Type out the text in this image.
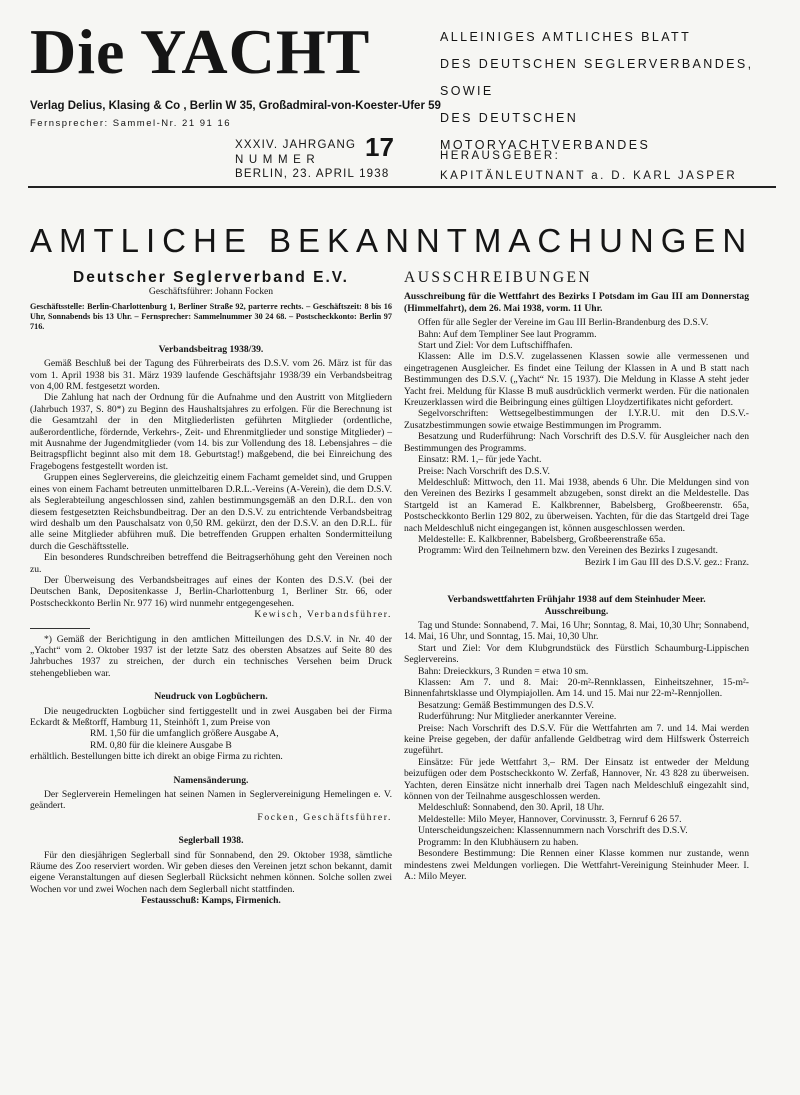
Die YACHT	ALLEINIGES AMTLICHES BLATT
DES DEUTSCHEN SEGLERVERBANDES, SOWIE
DES DEUTSCHEN MOTORYACHTVERBANDES
Verlag Delius, Klasing & Co , Berlin W 35, Großadmiral-von-Koester-Ufer 59
Fernsprecher: Sammel-Nr. 21 91 16
XXXIV. JAHRGANG
N U M M E R
BERLIN, 23. APRIL 1938
17	HERAUSGEBER:
KAPITÄNLEUTNANT a. D. KARL JASPER
AMTLICHE BEKANNTMACHUNGEN
Deutscher Seglerverband E.V.

Geschäftsführer: Johann Focken

Geschäftsstelle: Berlin-Charlottenburg 1, Berliner Straße 92, parterre rechts. – Geschäftszeit: 8 bis 16 Uhr, Sonnabends bis 13 Uhr. – Fernsprecher: Sammelnummer 30 24 68. – Postscheckkonto: Berlin 97 716.

Verbandsbeitrag 1938/39.

Gemäß Beschluß bei der Tagung des Führerbeirats des D.S.V. vom 26. März ist für das vom 1. April 1938 bis 31. März 1939 laufende Geschäftsjahr 1938/39 ein Verbandsbeitrag von 4,00 RM. festgesetzt worden.

Die Zahlung hat nach der Ordnung für die Aufnahme und den Austritt von Mitgliedern (Jahrbuch 1937, S. 80*) zu Beginn des Haushaltsjahres zu erfolgen. Für die Berechnung ist die Gesamtzahl der in den Mitgliederlisten geführten Mitglieder (ordentliche, außerordentliche, fördernde, Verkehrs-, Zeit- und Ehrenmitglieder und sonstige Mitglieder) – mit Ausnahme der Jugendmitglieder (vom 14. bis zur Vollendung des 18. Lebensjahres – die Beitragspflicht beginnt also mit dem 18. Geburtstag!) maßgebend, die bei Einreichung des Fragebogens festgestellt worden ist.

Gruppen eines Seglervereins, die gleichzeitig einem Fachamt gemeldet sind, und Gruppen eines von einem Fachamt betreuten unmittelbaren D.R.L.-Vereins (A-Verein), die dem D.S.V. als Seglerabteilung angeschlossen sind, zahlen bestimmungsgemäß an den D.R.L. den von diesem festgesetzten Reichsbundbeitrag. Der an den D.S.V. zu entrichtende Verbandsbeitrag wird deshalb um den Pauschalsatz von 0,50 RM. gekürzt, den der D.S.V. an den D.R.L. für alle seine Mitglieder abführen muß. Die betreffenden Gruppen erhalten Sondermitteilung durch die Geschäftsstelle.

Ein besonderes Rundschreiben betreffend die Beitragserhöhung geht den Vereinen noch zu.

Der Überweisung des Verbandsbeitrages auf eines der Konten des D.S.V. (bei der Deutschen Bank, Depositenkasse J, Berlin-Charlottenburg 1, Berliner Str. 66, oder Postscheckkonto Berlin Nr. 977 16) wird nunmehr entgegengesehen.

Kewisch, Verbandsführer.

*) Gemäß der Berichtigung in den amtlichen Mitteilungen des D.S.V. in Nr. 40 der „Yacht“ vom 2. Oktober 1937 ist der letzte Satz des obersten Absatzes auf Seite 80 des Jahrbuches 1937 zu streichen, der durch ein technisches Versehen beim Druck stehengeblieben war.

Neudruck von Logbüchern.

Die neugedruckten Logbücher sind fertiggestellt und in zwei Ausgaben bei der Firma Eckardt & Meßtorff, Hamburg 11, Steinhöft 1, zum Preise von

RM. 1,50 für die umfanglich größere Ausgabe A,

RM. 0,80 für die kleinere Ausgabe B

erhältlich. Bestellungen bitte ich direkt an obige Firma zu richten.

Namensänderung.

Der Seglerverein Hemelingen hat seinen Namen in Seglervereinigung Hemelingen e. V. geändert.

Focken, Geschäftsführer.

Seglerball 1938.

Für den diesjährigen Seglerball sind für Sonnabend, den 29. Oktober 1938, sämtliche Räume des Zoo reserviert worden. Wir geben dieses den Vereinen jetzt schon bekannt, damit eigene Veranstaltungen auf diesen Seglerball Rücksicht nehmen können. Solche sollen zwei Wochen vor und zwei Wochen nach dem Seglerball nicht stattfinden.

Festausschuß: Kamps, Firmenich.

AUSSCHREIBUNGEN

Ausschreibung für die Wettfahrt des Bezirks I Potsdam im Gau III am Donnerstag (Himmelfahrt), dem 26. Mai 1938, vorm. 11 Uhr.

Offen für alle Segler der Vereine im Gau III Berlin-Brandenburg des D.S.V.

Bahn: Auf dem Templiner See laut Programm.

Start und Ziel: Vor dem Luftschiffhafen.

Klassen: Alle im D.S.V. zugelassenen Klassen sowie alle vermessenen und eingetragenen Ausgleicher. Es findet eine Teilung der Klassen in A und B statt nach Bestimmungen des D.S.V. („Yacht“ Nr. 15 1937). Die Meldung in Klasse A steht jeder Yacht frei. Meldung für Klasse B muß ausdrücklich vermerkt werden. Für die nationalen Kreuzerklassen wird die Beibringung eines gültigen Lloydzertifikates nicht gefordert.

Segelvorschriften: Wettsegelbestimmungen der I.Y.R.U. mit den D.S.V.-Zusatzbestimmungen sowie etwaige Bestimmungen im Programm.

Besatzung und Ruderführung: Nach Vorschrift des D.S.V. für Ausgleicher nach den Bestimmungen des Programms.

Einsatz: RM. 1,– für jede Yacht.

Preise: Nach Vorschrift des D.S.V.

Meldeschluß: Mittwoch, den 11. Mai 1938, abends 6 Uhr. Die Meldungen sind von den Vereinen des Bezirks I gesammelt abzugeben, sonst direkt an die Meldestelle. Das Startgeld ist an Kamerad E. Kalkbrenner, Babelsberg, Großbeerenstr. 65a, Postscheckkonto Berlin 129 802, zu überweisen. Yachten, für die das Startgeld drei Tage nach Meldeschluß nicht eingegangen ist, können ausgeschlossen werden.

Meldestelle: E. Kalkbrenner, Babelsberg, Großbeerenstraße 65a.

Programm: Wird den Teilnehmern bzw. den Vereinen des Bezirks I zugesandt.

Bezirk I im Gau III des D.S.V. gez.: Franz.

Verbandswettfahrten Frühjahr 1938 auf dem Steinhuder Meer.

Ausschreibung.

Tag und Stunde: Sonnabend, 7. Mai, 16 Uhr; Sonntag, 8. Mai, 10,30 Uhr; Sonnabend, 14. Mai, 16 Uhr, und Sonntag, 15. Mai, 10,30 Uhr.

Start und Ziel: Vor dem Klubgrundstück des Fürstlich Schaumburg-Lippischen Seglervereins.

Bahn: Dreieckkurs, 3 Runden = etwa 10 sm.

Klassen: Am 7. und 8. Mai: 20-m²-Rennklassen, Einheitszehner, 15-m²-Binnenfahrtsklasse und Olympiajollen. Am 14. und 15. Mai nur 22-m²-Rennjollen.

Besatzung: Gemäß Bestimmungen des D.S.V.

Ruderführung: Nur Mitglieder anerkannter Vereine.

Preise: Nach Vorschrift des D.S.V. Für die Wettfahrten am 7. und 14. Mai werden keine Preise gegeben, der dafür anfallende Geldbetrag wird dem Hilfswerk Österreich zugeführt.

Einsätze: Für jede Wettfahrt 3,– RM. Der Einsatz ist entweder der Meldung beizufügen oder dem Postscheckkonto W. Zerfaß, Hannover, Nr. 43 828 zu überweisen. Yachten, deren Einsätze nicht innerhalb drei Tagen nach Meldeschluß eingezahlt sind, können von der Teilnahme ausgeschlossen werden.

Meldeschluß: Sonnabend, den 30. April, 18 Uhr.

Meldestelle: Milo Meyer, Hannover, Corvinusstr. 3, Fernruf 6 26 57.

Unterscheidungszeichen: Klassennummern nach Vorschrift des D.S.V.

Programm: In den Klubhäusern zu haben.

Besondere Bestimmung: Die Rennen einer Klasse kommen nur zustande, wenn mindestens zwei Meldungen vorliegen. Die Wettfahrt-Vereinigung Steinhuder Meer. I. A.: Milo Meyer.
